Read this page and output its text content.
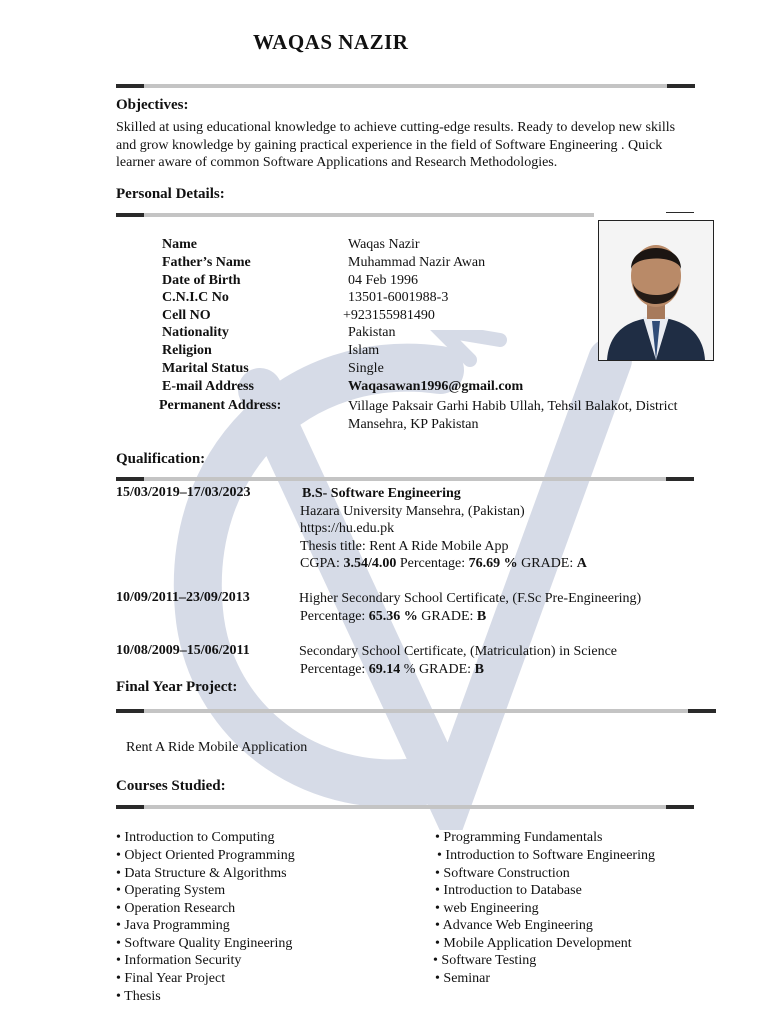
WAQAS NAZIR
Objectives:
Skilled at using educational knowledge to achieve cutting-edge results. Ready to develop new skills
and grow knowledge by gaining practical experience in the field of Software Engineering . Quick
learner aware of common Software Applications and Research Methodologies.
Personal Details:
Name	Waqas Nazir
Father’s Name	Muhammad Nazir Awan
Date of Birth	04 Feb 1996
C.N.I.C No	13501-6001988-3
Cell NO	+923155981490
Nationality	Pakistan
Religion	Islam
Marital Status	Single
E-mail Address	Waqasawan1996@gmail.com
Permanent Address:	Village Paksair Garhi Habib Ullah, Tehsil Balakot, District
Mansehra, KP Pakistan
Qualification:
15/03/2019–17/03/2023	B.S- Software Engineering
Hazara University Mansehra, (Pakistan)
https://hu.edu.pk
Thesis title: Rent A Ride Mobile App
CGPA: 3.54/4.00 Percentage: 76.69 % GRADE: A
10/09/2011–23/09/2013	Higher Secondary School Certificate, (F.Sc Pre-Engineering)
Percentage: 65.36 % GRADE: B
10/08/2009–15/06/2011	Secondary School Certificate, (Matriculation) in Science
Percentage: 69.14 % GRADE: B
Final Year Project:
Rent A Ride Mobile Application
Courses Studied:
• Introduction to Computing
• Object Oriented Programming
• Data Structure & Algorithms
• Operating System
• Operation Research
• Java Programming
• Software Quality Engineering
• Information Security
• Final Year Project
• Thesis
• Programming Fundamentals
• Introduction to Software Engineering
• Software Construction
• Introduction to Database
• web Engineering
• Advance Web Engineering
• Mobile Application Development
• Software Testing
• Seminar
